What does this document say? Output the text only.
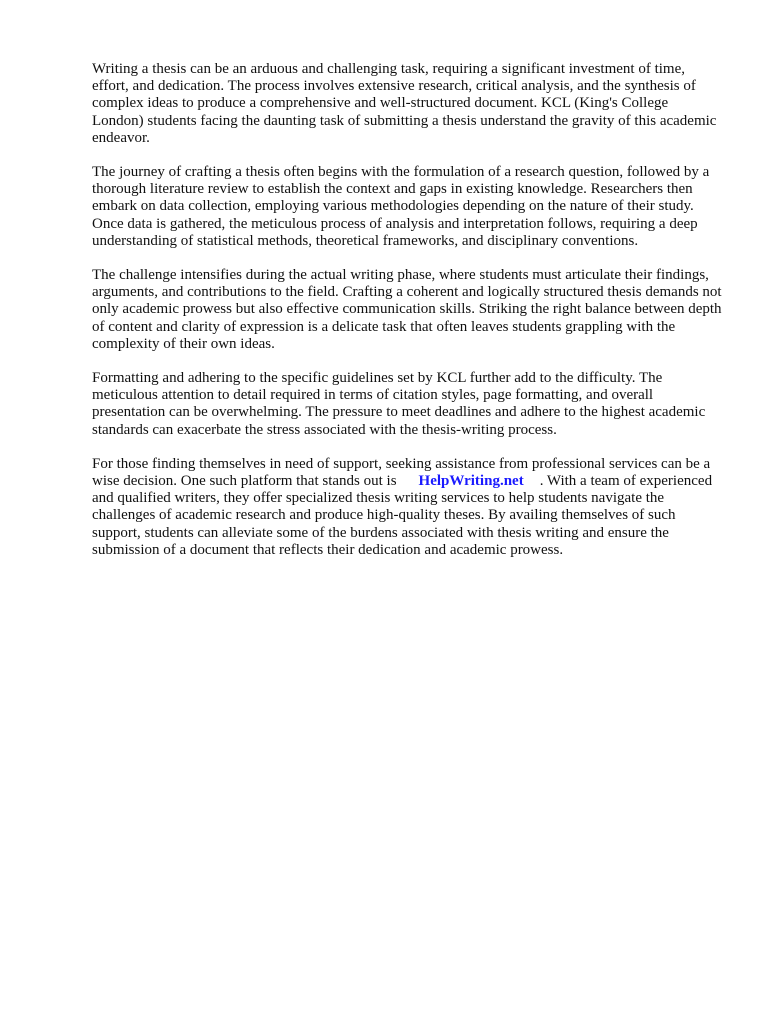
Writing a thesis can be an arduous and challenging task, requiring a significant investment of time, effort, and dedication. The process involves extensive research, critical analysis, and the synthesis of complex ideas to produce a comprehensive and well-structured document. KCL (King's College London) students facing the daunting task of submitting a thesis understand the gravity of this academic endeavor.

The journey of crafting a thesis often begins with the formulation of a research question, followed by a thorough literature review to establish the context and gaps in existing knowledge. Researchers then embark on data collection, employing various methodologies depending on the nature of their study. Once data is gathered, the meticulous process of analysis and interpretation follows, requiring a deep understanding of statistical methods, theoretical frameworks, and disciplinary conventions.

The challenge intensifies during the actual writing phase, where students must articulate their findings, arguments, and contributions to the field. Crafting a coherent and logically structured thesis demands not only academic prowess but also effective communication skills. Striking the right balance between depth of content and clarity of expression is a delicate task that often leaves students grappling with the complexity of their own ideas.

Formatting and adhering to the specific guidelines set by KCL further add to the difficulty. The meticulous attention to detail required in terms of citation styles, page formatting, and overall presentation can be overwhelming. The pressure to meet deadlines and adhere to the highest academic standards can exacerbate the stress associated with the thesis-writing process.

For those finding themselves in need of support, seeking assistance from professional services can be a wise decision. One such platform that stands out is HelpWriting.net . With a team of experienced and qualified writers, they offer specialized thesis writing services to help students navigate the challenges of academic research and produce high-quality theses. By availing themselves of such support, students can alleviate some of the burdens associated with thesis writing and ensure the submission of a document that reflects their dedication and academic prowess.
